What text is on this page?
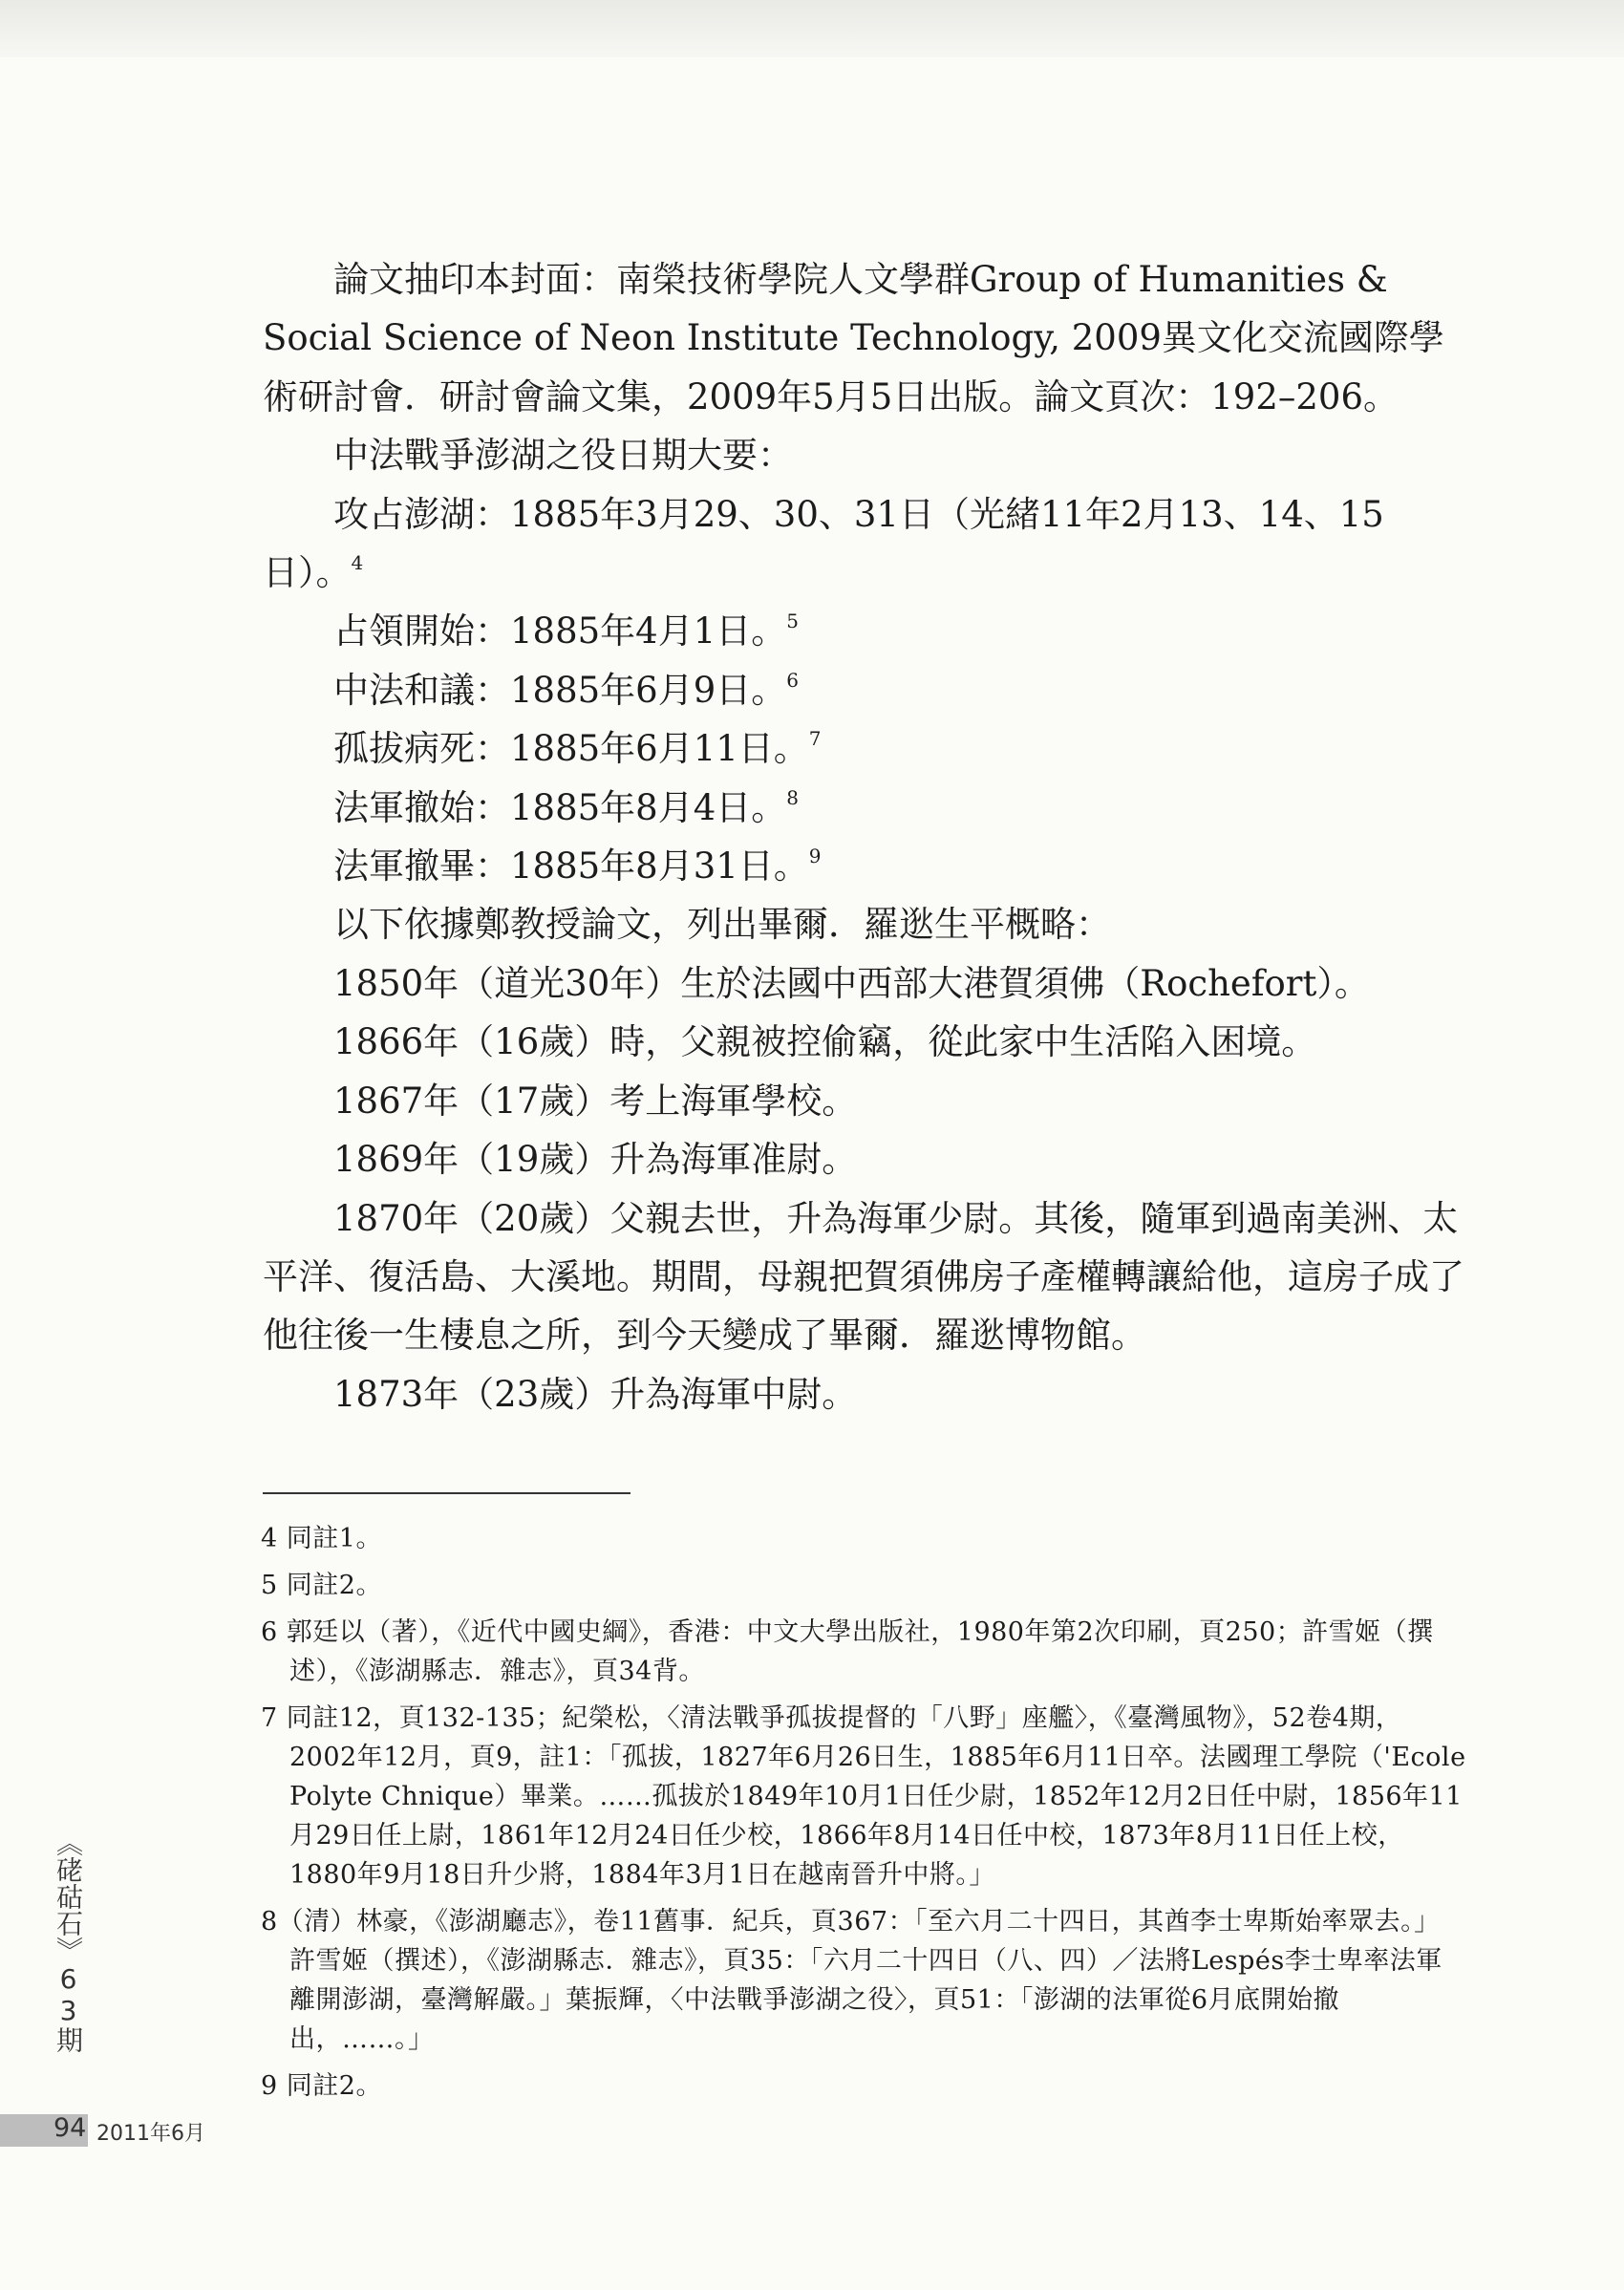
論文抽印本封面：南榮技術學院人文學群Group of Humanities & Social Science of Neon Institute Technology, 2009異文化交流國際學術研討會．研討會論文集，2009年5月5日出版。論文頁次：192–206。

中法戰爭澎湖之役日期大要：

攻占澎湖：1885年3月29、30、31日（光緒11年2月13、14、15日）。$^4$

占領開始：1885年4月1日。$^5$

中法和議：1885年6月9日。$^6$

孤拔病死：1885年6月11日。$^7$

法軍撤始：1885年8月4日。$^8$

法軍撤畢：1885年8月31日。$^9$

以下依據鄭教授論文，列出畢爾．羅逖生平概略：

1850年（道光30年）生於法國中西部大港賀須佛（Rochefort）。

1866年（16歲）時，父親被控偷竊，從此家中生活陷入困境。

1867年（17歲）考上海軍學校。

1869年（19歲）升為海軍准尉。

1870年（20歲）父親去世，升為海軍少尉。其後，隨軍到過南美洲、太平洋、復活島、大溪地。期間，母親把賀須佛房子產權轉讓給他，這房子成了他往後一生棲息之所，到今天變成了畢爾．羅逖博物館。

1873年（23歲）升為海軍中尉。

4 同註1。
5 同註2。
6 郭廷以（著），《近代中國史綱》，香港：中文大學出版社，1980年第2次印刷，頁250；許雪姬（撰述），《澎湖縣志．雜志》，頁34背。
7 同註12，頁132-135；紀榮松，〈清法戰爭孤拔提督的「八野」座艦〉，《臺灣風物》，52卷4期，2002年12月，頁9，註1：「孤拔，1827年6月26日生，1885年6月11日卒。法國理工學院（'Ecole Polyte Chnique）畢業。……孤拔於1849年10月1日任少尉，1852年12月2日任中尉，1856年11月29日任上尉，1861年12月24日任少校，1866年8月14日任中校，1873年8月11日任上校，1880年9月18日升少將，1884年3月1日在越南晉升中將。」
8（清）林豪，《澎湖廳志》，卷11舊事．紀兵，頁367：「至六月二十四日，其酋李士卑斯始率眾去。」許雪姬（撰述），《澎湖縣志．雜志》，頁35：「六月二十四日（八、四）／法將Lespés李士卑率法軍離開澎湖，臺灣解嚴。」葉振輝，〈中法戰爭澎湖之役〉，頁51：「澎湖的法軍從6月底開始撤出，……。」
9 同註2。
《硓𥑮石》63期
94 2011年6月
